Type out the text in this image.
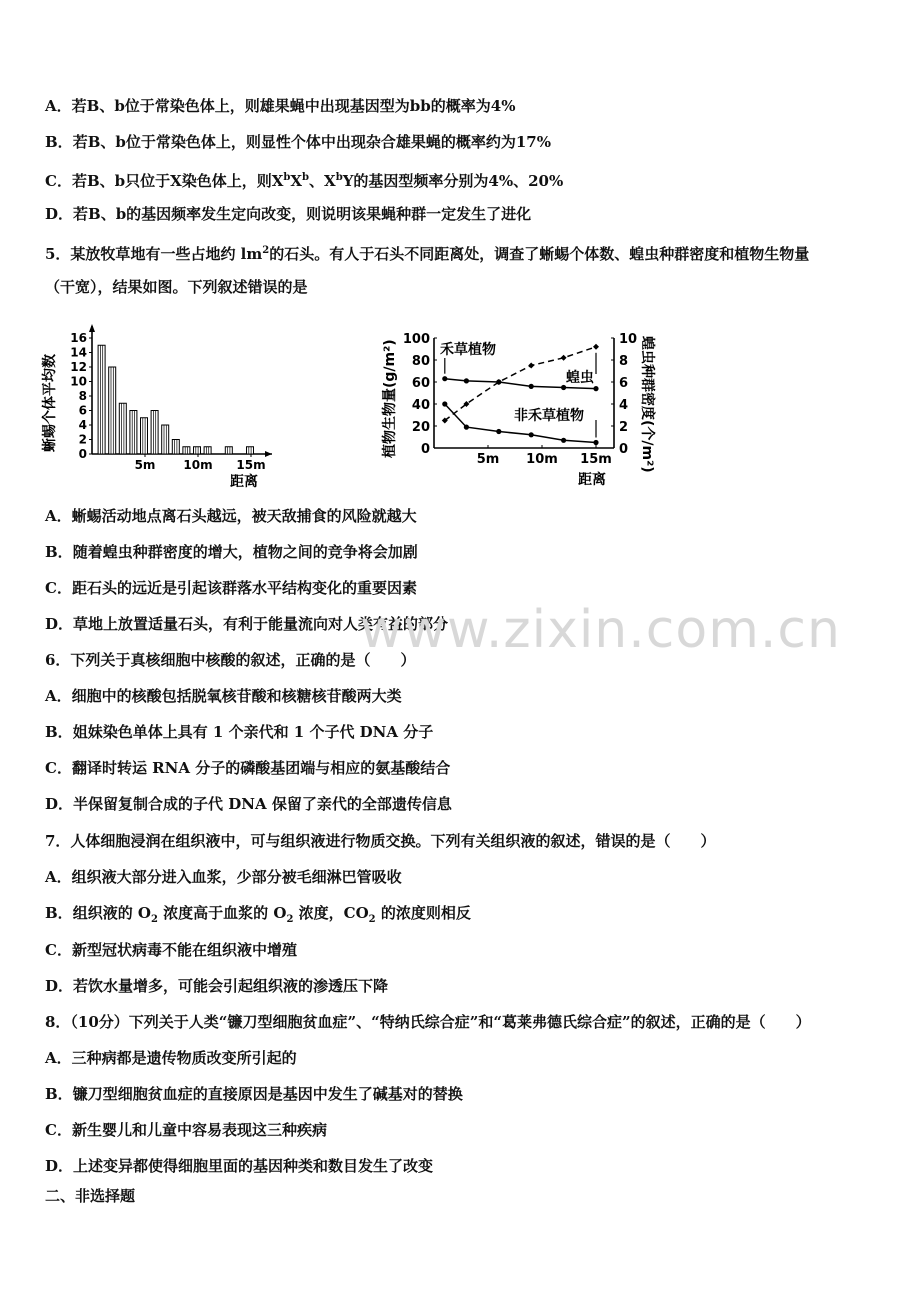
A．若B、b位于常染色体上，则雄果蝇中出现基因型为bb的概率为4%
B．若B、b位于常染色体上，则显性个体中出现杂合雄果蝇的概率约为17%
C．若B、b只位于X染色体上，则$X^bX^b$、$X^bY$的基因型频率分别为4%、20%
D．若B、b的基因频率发生定向改变，则说明该果蝇种群一定发生了进化
5．某放牧草地有一些占地约 $lm^2$的石头。有人于石头不同距离处，调查了蜥蜴个体数、蝗虫种群密度和植物生物量
（干宽），结果如图。下列叙述错误的是
0
2
4
6
8
10
12
14
16
5m 10m 15m
蜥蜴个体平均数
距离
0
20
40
60
80
100
0
2
4
6
8
10
5m 10m 15m
禾草植物
蝗虫
非禾草植物
植物生物量(g/m²)	蝗虫种群密度(个/m²)
距离
A．蜥蜴活动地点离石头越远，被天敌捕食的风险就越大
B．随着蝗虫种群密度的增大，植物之间的竞争将会加剧
C．距石头的远近是引起该群落水平结构变化的重要因素
D．草地上放置适量石头，有利于能量流向对人类有益的部分
www.zixin.com.cn
6．下列关于真核细胞中核酸的叙述，正确的是（　　）
A．细胞中的核酸包括脱氧核苷酸和核糖核苷酸两大类
B．姐妹染色单体上具有 1 个亲代和 1 个子代 DNA 分子
C．翻译时转运 RNA 分子的磷酸基团端与相应的氨基酸结合
D．半保留复制合成的子代 DNA 保留了亲代的全部遗传信息
7．人体细胞浸润在组织液中，可与组织液进行物质交换。下列有关组织液的叙述，错误的是（　　）
A．组织液大部分进入血浆，少部分被毛细淋巴管吸收
B．组织液的 $O_2$ 浓度高于血浆的 $O_2$ 浓度，$CO_2$ 的浓度则相反
C．新型冠状病毒不能在组织液中增殖
D．若饮水量增多，可能会引起组织液的渗透压下降
8．（10分）下列关于人类“镰刀型细胞贫血症”、“特纳氏综合症”和“葛莱弗德氏综合症”的叙述，正确的是（　　）
A．三种病都是遗传物质改变所引起的
B．镰刀型细胞贫血症的直接原因是基因中发生了碱基对的替换
C．新生婴儿和儿童中容易表现这三种疾病
D．上述变异都使得细胞里面的基因种类和数目发生了改变
二、非选择题
